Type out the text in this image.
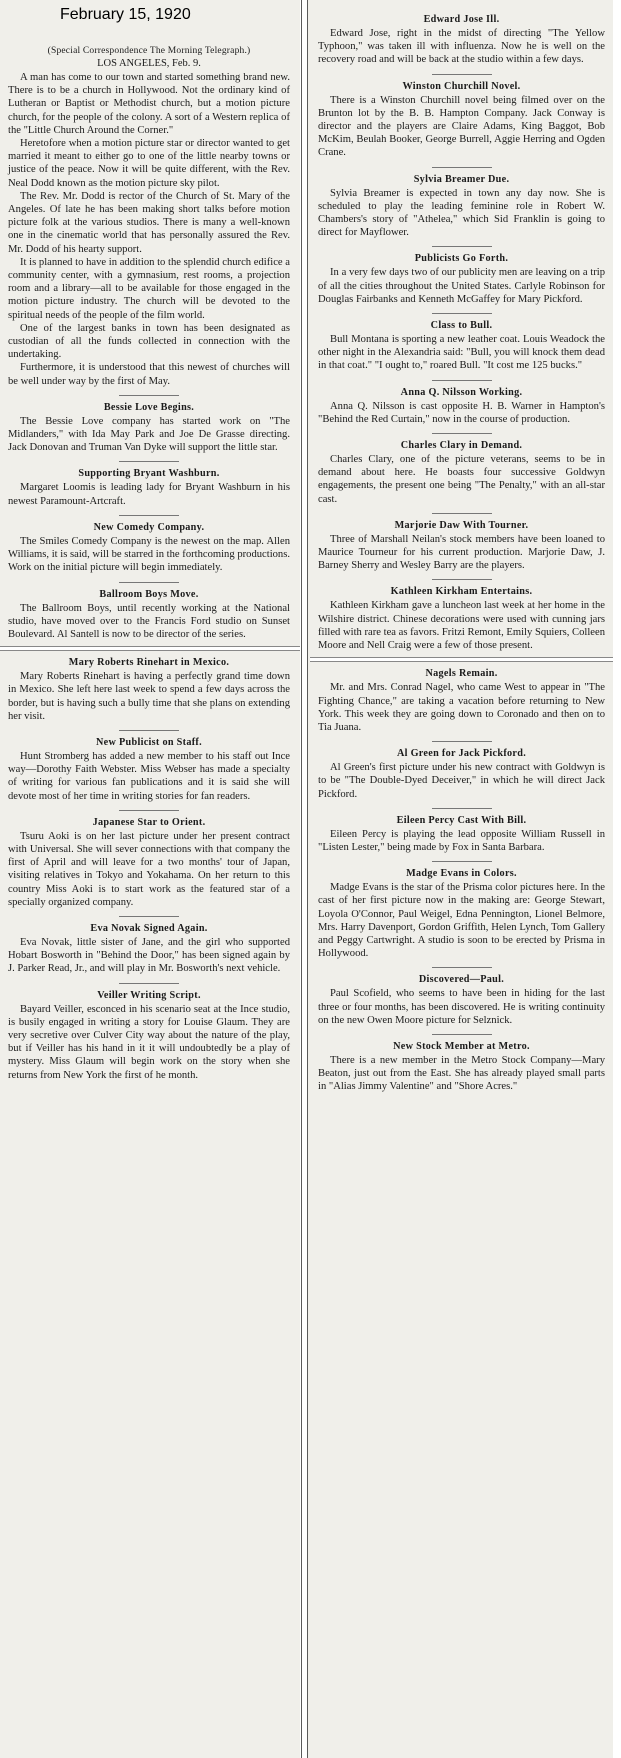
(Special Correspondence The Morning Telegraph.)
LOS ANGELES, Feb. 9.

A man has come to our town and started something brand new. There is to be a church in Hollywood. Not the ordinary kind of Lutheran or Baptist or Methodist church, but a motion picture church, for the people of the colony. A sort of a Western replica of the "Little Church Around the Corner."

Heretofore when a motion picture star or director wanted to get married it meant to either go to one of the little nearby towns or justice of the peace. Now it will be quite different, with the Rev. Neal Dodd known as the motion picture sky pilot.

The Rev. Mr. Dodd is rector of the Church of St. Mary of the Angeles. Of late he has been making short talks before motion picture folk at the various studios. There is many a well-known one in the cinematic world that has personally assured the Rev. Mr. Dodd of his hearty support.

It is planned to have in addition to the splendid church edifice a community center, with a gymnasium, rest rooms, a projection room and a library—all to be available for those engaged in the motion picture industry. The church will be devoted to the spiritual needs of the people of the film world.

One of the largest banks in town has been designated as custodian of all the funds collected in connection with the undertaking.

Furthermore, it is understood that this newest of churches will be well under way by the first of May.

Bessie Love Begins.

The Bessie Love company has started work on "The Midlanders," with Ida May Park and Joe De Grasse directing. Jack Donovan and Truman Van Dyke will support the little star.

Supporting Bryant Washburn.

Margaret Loomis is leading lady for Bryant Washburn in his newest Paramount-Artcraft.

New Comedy Company.

The Smiles Comedy Company is the newest on the map. Allen Williams, it is said, will be starred in the forthcoming productions. Work on the initial picture will begin immediately.

Ballroom Boys Move.

The Ballroom Boys, until recently working at the National studio, have moved over to the Francis Ford studio on Sunset Boulevard. Al Santell is now to be director of the series.

Mary Roberts Rinehart in Mexico.

Mary Roberts Rinehart is having a perfectly grand time down in Mexico. She left here last week to spend a few days across the border, but is having such a bully time that she plans on extending her visit.

New Publicist on Staff.

Hunt Stromberg has added a new member to his staff out Ince way—Dorothy Faith Webster. Miss Webser has made a specialty of writing for various fan publications and it is said she will devote most of her time in writing stories for fan readers.

Japanese Star to Orient.

Tsuru Aoki is on her last picture under her present contract with Universal. She will sever connections with that company the first of April and will leave for a two months' tour of Japan, visiting relatives in Tokyo and Yokahama. On her return to this country Miss Aoki is to start work as the featured star of a specially organized company.

Eva Novak Signed Again.

Eva Novak, little sister of Jane, and the girl who supported Hobart Bosworth in "Behind the Door," has been signed again by J. Parker Read, Jr., and will play in Mr. Bosworth's next vehicle.

Veiller Writing Script.

Bayard Veiller, esconced in his scenario seat at the Ince studio, is busily engaged in writing a story for Louise Glaum. They are very secretive over Culver City way about the nature of the play, but if Veiller has his hand in it it will undoubtedly be a play of mystery. Miss Glaum will begin work on the story when she returns from New York the first of he month.

Edward Jose Ill.

Edward Jose, right in the midst of directing "The Yellow Typhoon," was taken ill with influenza. Now he is well on the recovery road and will be back at the studio within a few days.

Winston Churchill Novel.

There is a Winston Churchill novel being filmed over on the Brunton lot by the B. B. Hampton Company. Jack Conway is director and the players are Claire Adams, King Baggot, Bob McKim, Beulah Booker, George Burrell, Aggie Herring and Ogden Crane.

Sylvia Breamer Due.

Sylvia Breamer is expected in town any day now. She is scheduled to play the leading feminine role in Robert W. Chambers's story of "Athelea," which Sid Franklin is going to direct for Mayflower.

Publicists Go Forth.

In a very few days two of our publicity men are leaving on a trip of all the cities throughout the United States. Carlyle Robinson for Douglas Fairbanks and Kenneth McGaffey for Mary Pickford.

Class to Bull.

Bull Montana is sporting a new leather coat. Louis Weadock the other night in the Alexandria said: "Bull, you will knock them dead in that coat." "I ought to," roared Bull. "It cost me 125 bucks."

Anna Q. Nilsson Working.

Anna Q. Nilsson is cast opposite H. B. Warner in Hampton's "Behind the Red Curtain," now in the course of production.

Charles Clary in Demand.

Charles Clary, one of the picture veterans, seems to be in demand about here. He boasts four successive Goldwyn engagements, the present one being "The Penalty," with an all-star cast.

Marjorie Daw With Tourner.

Three of Marshall Neilan's stock members have been loaned to Maurice Tourneur for his current production. Marjorie Daw, J. Barney Sherry and Wesley Barry are the players.

Kathleen Kirkham Entertains.

Kathleen Kirkham gave a luncheon last week at her home in the Wilshire district. Chinese decorations were used with cunning jars filled with rare tea as favors. Fritzi Remont, Emily Squiers, Colleen Moore and Nell Craig were a few of those present.

Nagels Remain.

Mr. and Mrs. Conrad Nagel, who came West to appear in "The Fighting Chance," are taking a vacation before returning to New York. This week they are going down to Coronado and then on to Tia Juana.

Al Green for Jack Pickford.

Al Green's first picture under his new contract with Goldwyn is to be "The Double-Dyed Deceiver," in which he will direct Jack Pickford.

Eileen Percy Cast With Bill.

Eileen Percy is playing the lead opposite William Russell in "Listen Lester," being made by Fox in Santa Barbara.

Madge Evans in Colors.

Madge Evans is the star of the Prisma color pictures here. In the cast of her first picture now in the making are: George Stewart, Loyola O'Connor, Paul Weigel, Edna Pennington, Lionel Belmore, Mrs. Harry Davenport, Gordon Griffith, Helen Lynch, Tom Gallery and Peggy Cartwright. A studio is soon to be erected by Prisma in Hollywood.

Discovered—Paul.

Paul Scofield, who seems to have been in hiding for the last three or four months, has been discovered. He is writing continuity on the new Owen Moore picture for Selznick.

New Stock Member at Metro.

There is a new member in the Metro Stock Company—Mary Beaton, just out from the East. She has already played small parts in "Alias Jimmy Valentine" and "Shore Acres."

February 15, 1920
